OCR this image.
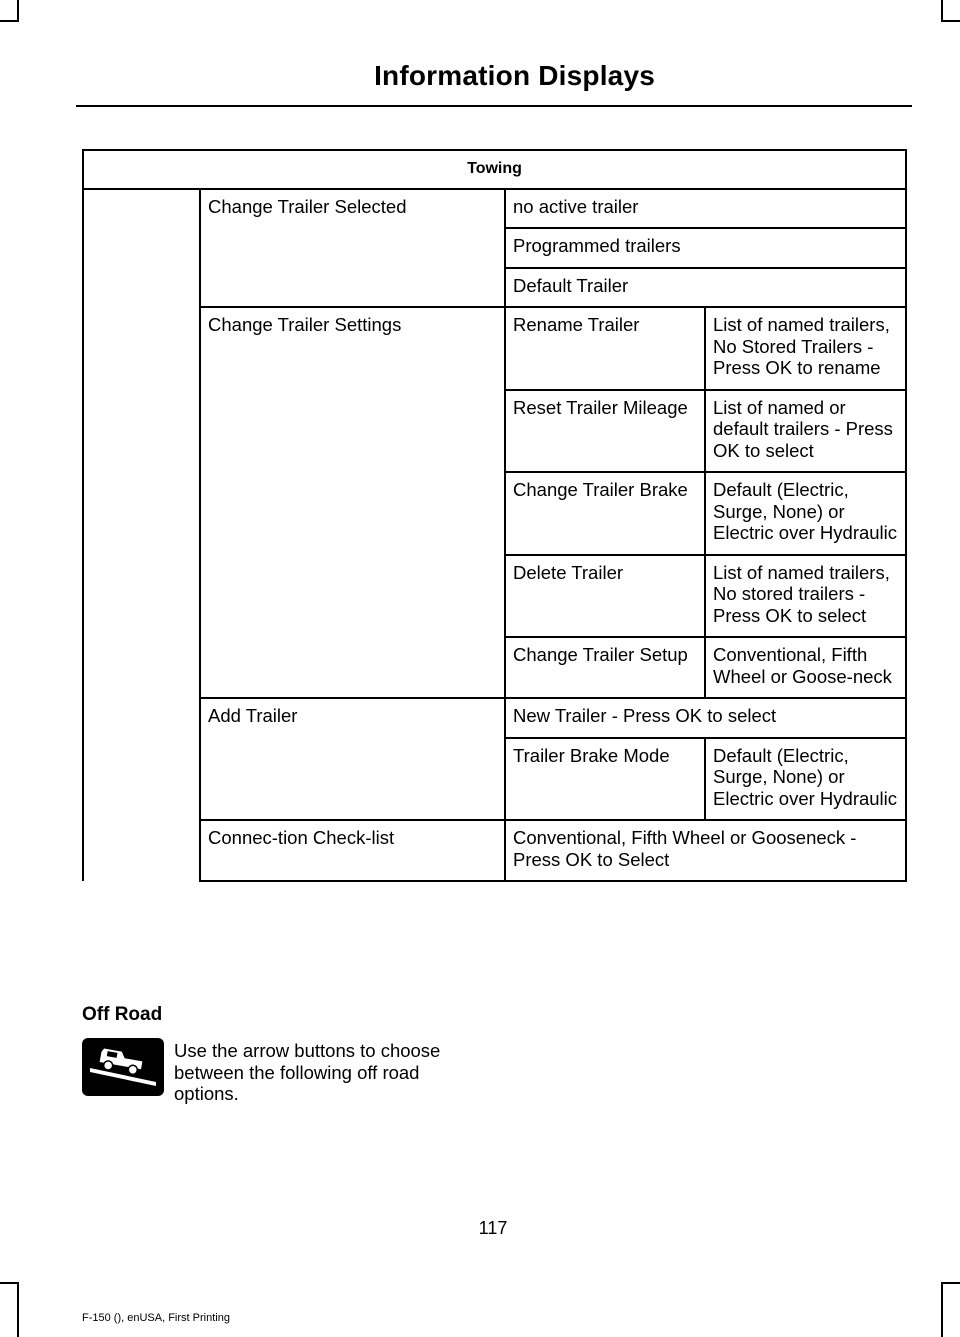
Information Displays
Towing			
	Change Trailer Selected	no active trailer	
		Programmed trailers	
		Default Trailer	
	Change Trailer Settings	Rename Trailer	List of named trailers, No Stored Trailers - Press OK to rename
		Reset Trailer Mileage	List of named or default trailers - Press OK to select
		Change Trailer Brake	Default (Electric, Surge, None) or Electric over Hydraulic
		Delete Trailer	List of named trailers, No stored trailers - Press OK to select
		Change Trailer Setup	Conventional, Fifth Wheel or Goose-neck
	Add Trailer	New Trailer - Press OK to select	
		Trailer Brake Mode	Default (Electric, Surge, None) or Electric over Hydraulic
	Connec-tion Check-list	Conventional, Fifth Wheel or Gooseneck - Press OK to Select	
Off Road
Use the arrow buttons to choose between the following off road options.
117
F-150 (), enUSA, First Printing
